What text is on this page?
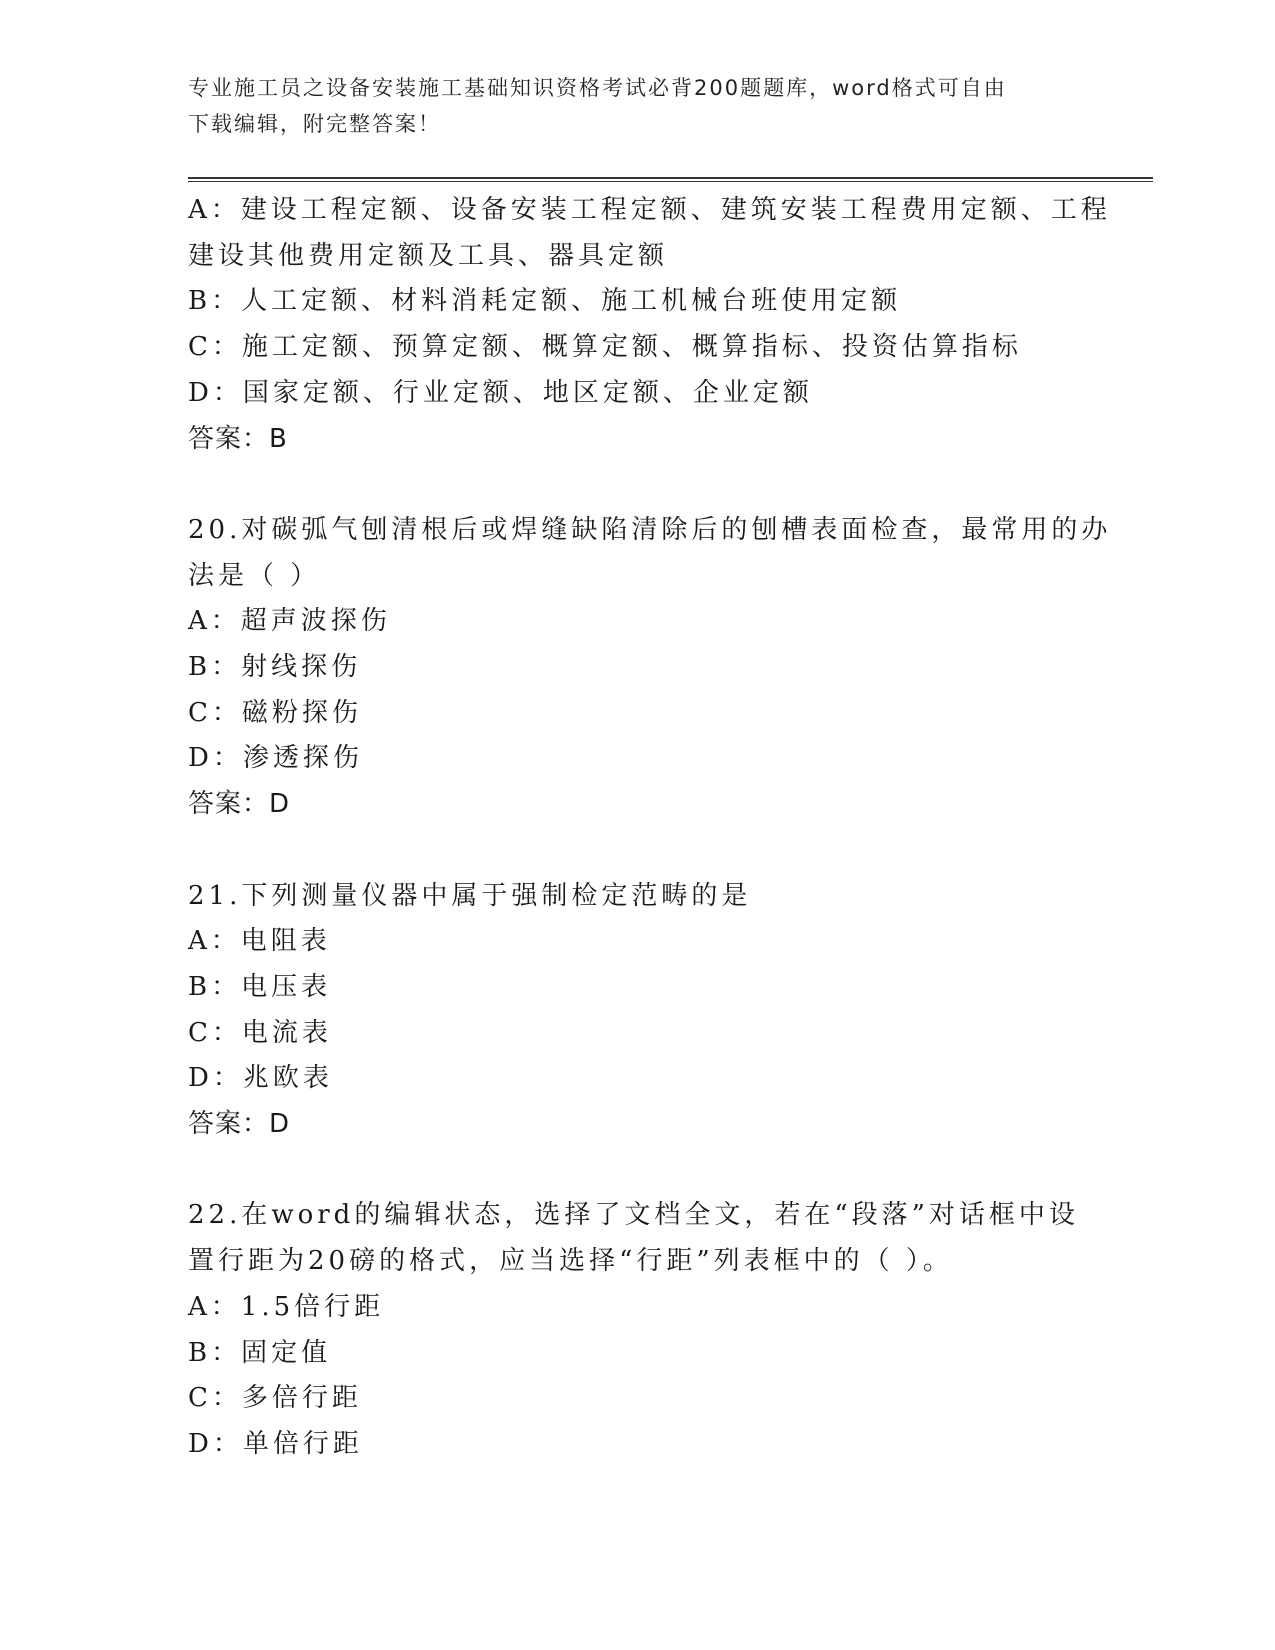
专业施工员之设备安装施工基础知识资格考试必背200题题库，word格式可自由
下载编辑，附完整答案！
A：建设工程定额、设备安装工程定额、建筑安装工程费用定额、工程
建设其他费用定额及工具、器具定额
B：人工定额、材料消耗定额、施工机械台班使用定额
C：施工定额、预算定额、概算定额、概算指标、投资估算指标
D：国家定额、行业定额、地区定额、企业定额
答案：B
20.对碳弧气刨清根后或焊缝缺陷清除后的刨槽表面检查，最常用的办
法是（ ）
A：超声波探伤
B：射线探伤
C：磁粉探伤
D：渗透探伤
答案：D
21.下列测量仪器中属于强制检定范畴的是
A：电阻表
B：电压表
C：电流表
D：兆欧表
答案：D
22.在word的编辑状态，选择了文档全文，若在“段落”对话框中设
置行距为20磅的格式，应当选择“行距”列表框中的（ ）。
A：1.5倍行距
B：固定值
C：多倍行距
D：单倍行距
